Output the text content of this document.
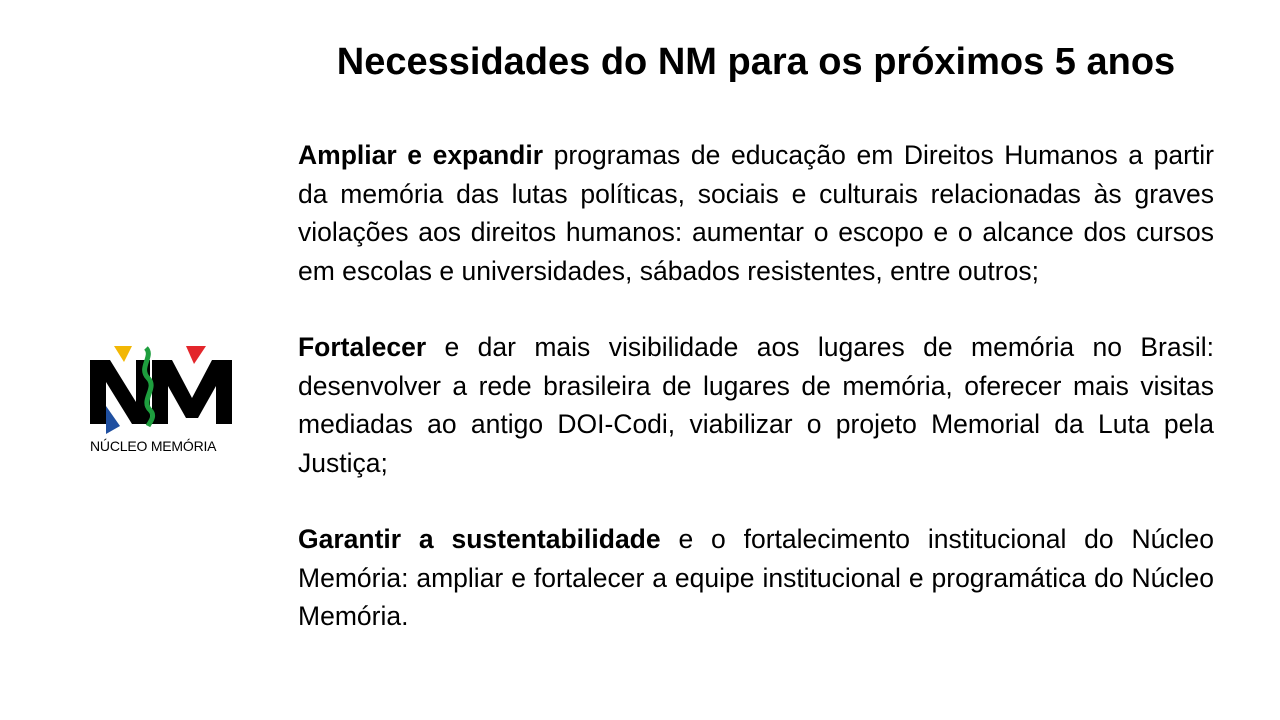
Necessidades do NM para os próximos 5 anos
NÚCLEO MEMÓRIA

Ampliar e expandir programas de educação em Direitos Humanos a partir da memória das lutas políticas, sociais e culturais relacionadas às graves violações aos direitos humanos: aumentar o escopo e o alcance dos cursos em escolas e universidades, sábados resistentes, entre outros;

Fortalecer e dar mais visibilidade aos lugares de memória no Brasil: desenvolver a rede brasileira de lugares de memória, oferecer mais visitas mediadas ao antigo DOI-Codi, viabilizar o projeto Memorial da Luta pela Justiça;

Garantir a sustentabilidade e o fortalecimento institucional do Núcleo Memória: ampliar e fortalecer a equipe institucional e programática do Núcleo Memória.
